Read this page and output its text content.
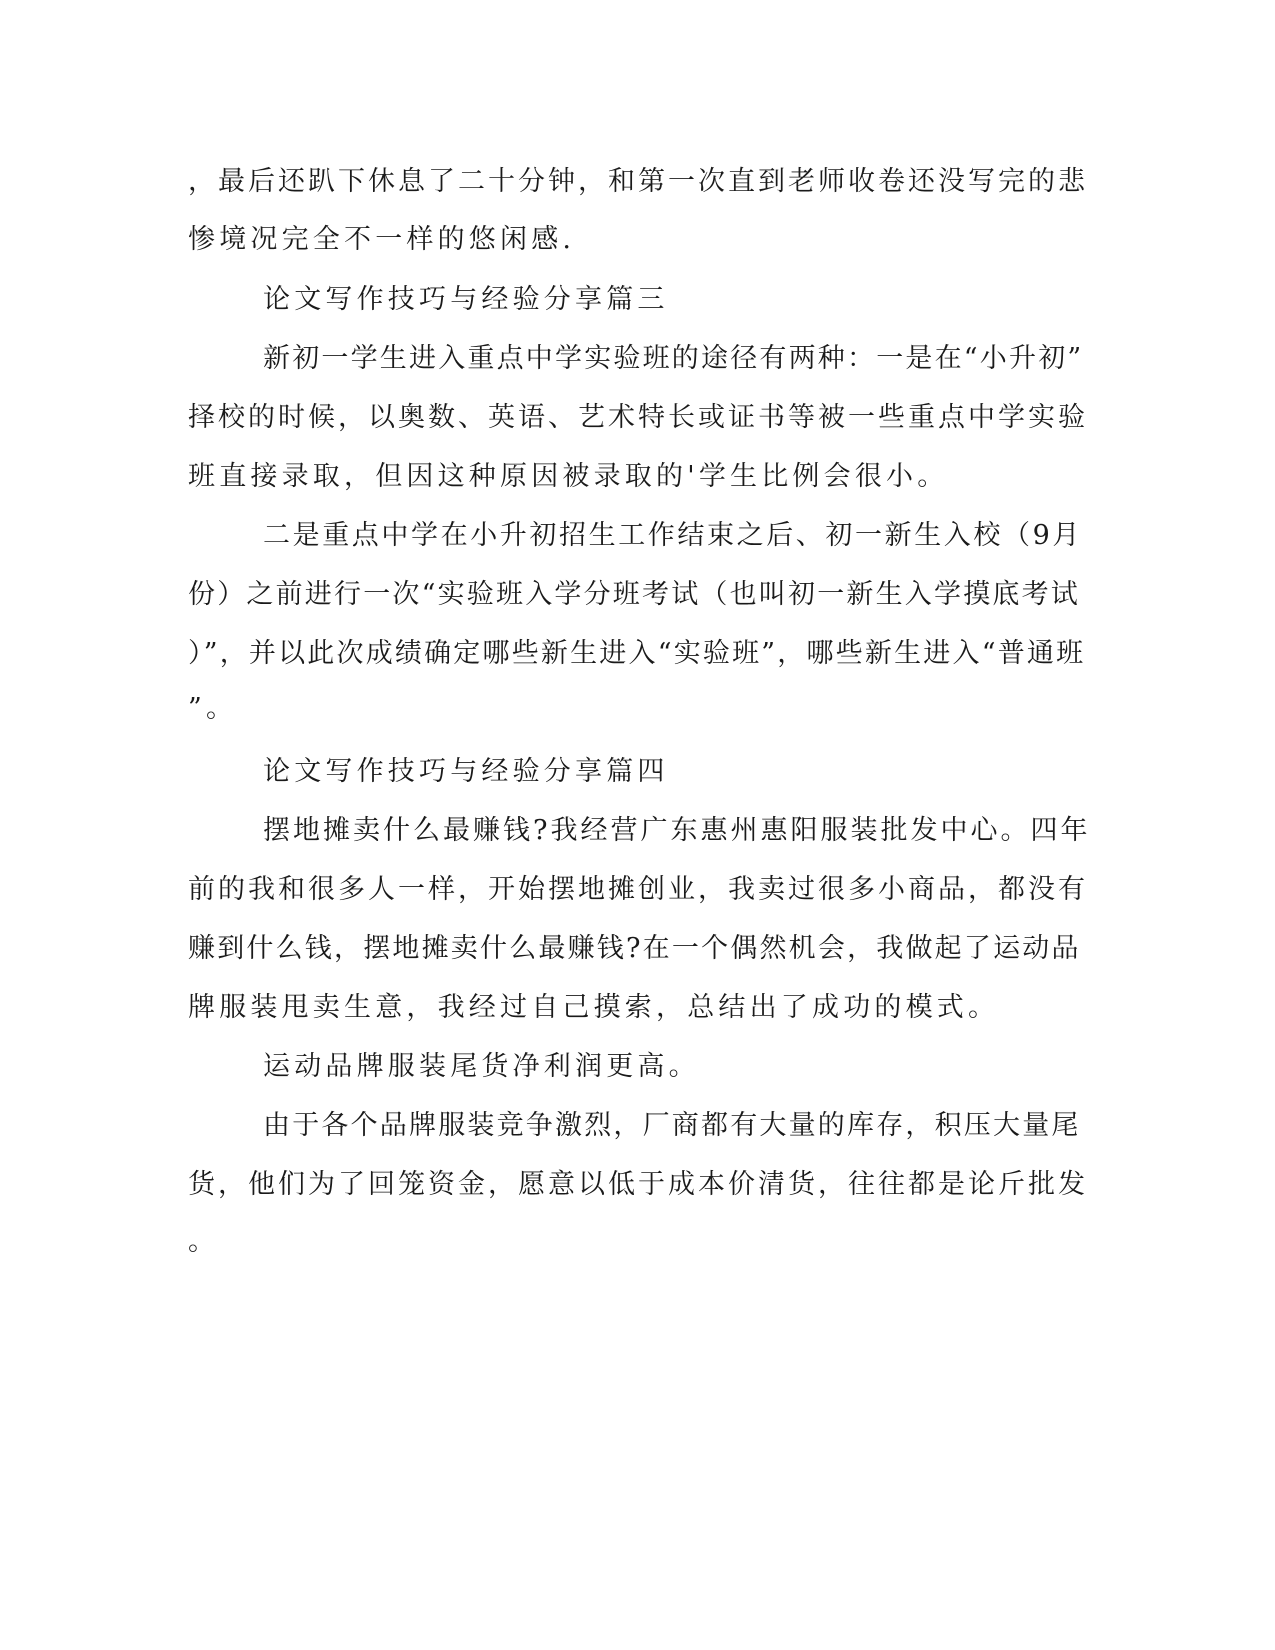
，最后还趴下休息了二十分钟，和第一次直到老师收卷还没写完的悲
惨境况完全不一样的悠闲感.
论文写作技巧与经验分享篇三
新初一学生进入重点中学实验班的途径有两种：一是在“小升初”
择校的时候，以奥数、英语、艺术特长或证书等被一些重点中学实验
班直接录取，但因这种原因被录取的'学生比例会很小。
二是重点中学在小升初招生工作结束之后、初一新生入校（9月
份）之前进行一次“实验班入学分班考试（也叫初一新生入学摸底考试
）”，并以此次成绩确定哪些新生进入“实验班”，哪些新生进入“普通班
”。
论文写作技巧与经验分享篇四
摆地摊卖什么最赚钱?我经营广东惠州惠阳服装批发中心。四年
前的我和很多人一样，开始摆地摊创业，我卖过很多小商品，都没有
赚到什么钱，摆地摊卖什么最赚钱?在一个偶然机会，我做起了运动品
牌服装甩卖生意，我经过自己摸索，总结出了成功的模式。
运动品牌服装尾货净利润更高。
由于各个品牌服装竞争激烈，厂商都有大量的库存，积压大量尾
货，他们为了回笼资金，愿意以低于成本价清货，往往都是论斤批发
。
